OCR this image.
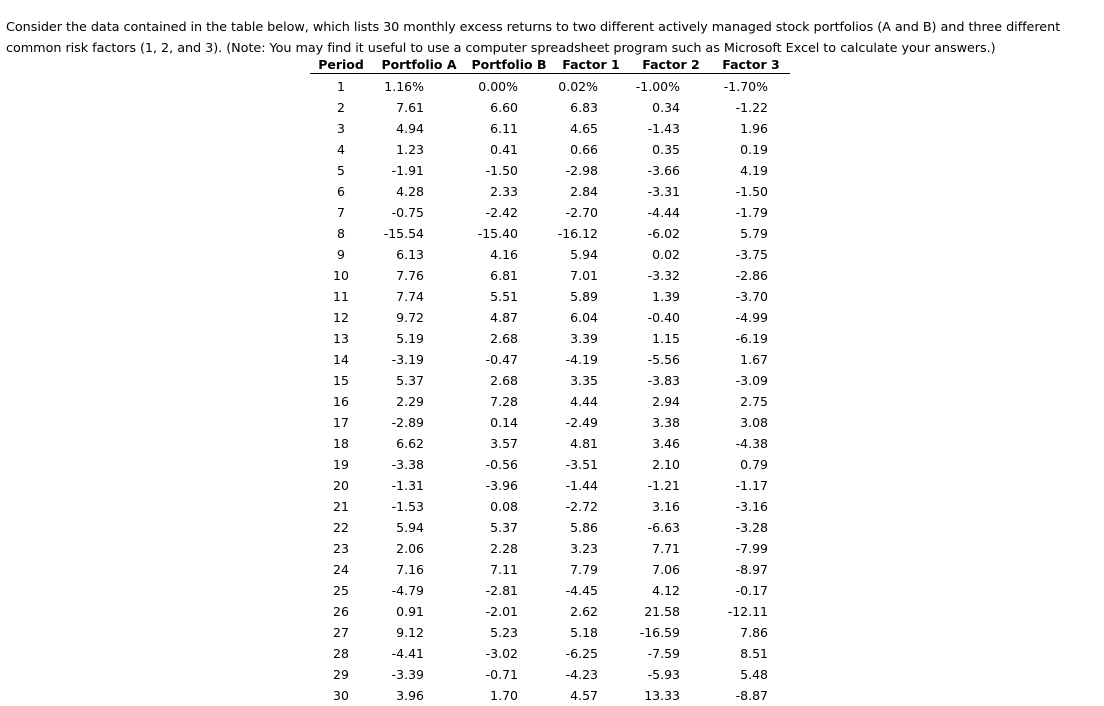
Consider the data contained in the table below, which lists 30 monthly excess returns to two different actively managed stock portfolios (A and B) and three different common risk factors (1, 2, and 3). (Note: You may find it useful to use a computer spreadsheet program such as Microsoft Excel to calculate your answers.)

Period	Portfolio A	Portfolio B	Factor 1	Factor 2	Factor 3
1	1.16%	0.00%	0.02%	-1.00%	-1.70%
2	7.61	6.60	6.83	0.34	-1.22
3	4.94	6.11	4.65	-1.43	1.96
4	1.23	0.41	0.66	0.35	0.19
5	-1.91	-1.50	-2.98	-3.66	4.19
6	4.28	2.33	2.84	-3.31	-1.50
7	-0.75	-2.42	-2.70	-4.44	-1.79
8	-15.54	-15.40	-16.12	-6.02	5.79
9	6.13	4.16	5.94	0.02	-3.75
10	7.76	6.81	7.01	-3.32	-2.86
11	7.74	5.51	5.89	1.39	-3.70
12	9.72	4.87	6.04	-0.40	-4.99
13	5.19	2.68	3.39	1.15	-6.19
14	-3.19	-0.47	-4.19	-5.56	1.67
15	5.37	2.68	3.35	-3.83	-3.09
16	2.29	7.28	4.44	2.94	2.75
17	-2.89	0.14	-2.49	3.38	3.08
18	6.62	3.57	4.81	3.46	-4.38
19	-3.38	-0.56	-3.51	2.10	0.79
20	-1.31	-3.96	-1.44	-1.21	-1.17
21	-1.53	0.08	-2.72	3.16	-3.16
22	5.94	5.37	5.86	-6.63	-3.28
23	2.06	2.28	3.23	7.71	-7.99
24	7.16	7.11	7.79	7.06	-8.97
25	-4.79	-2.81	-4.45	4.12	-0.17
26	0.91	-2.01	2.62	21.58	-12.11
27	9.12	5.23	5.18	-16.59	7.86
28	-4.41	-3.02	-6.25	-7.59	8.51
29	-3.39	-0.71	-4.23	-5.93	5.48
30	3.96	1.70	4.57	13.33	-8.87
